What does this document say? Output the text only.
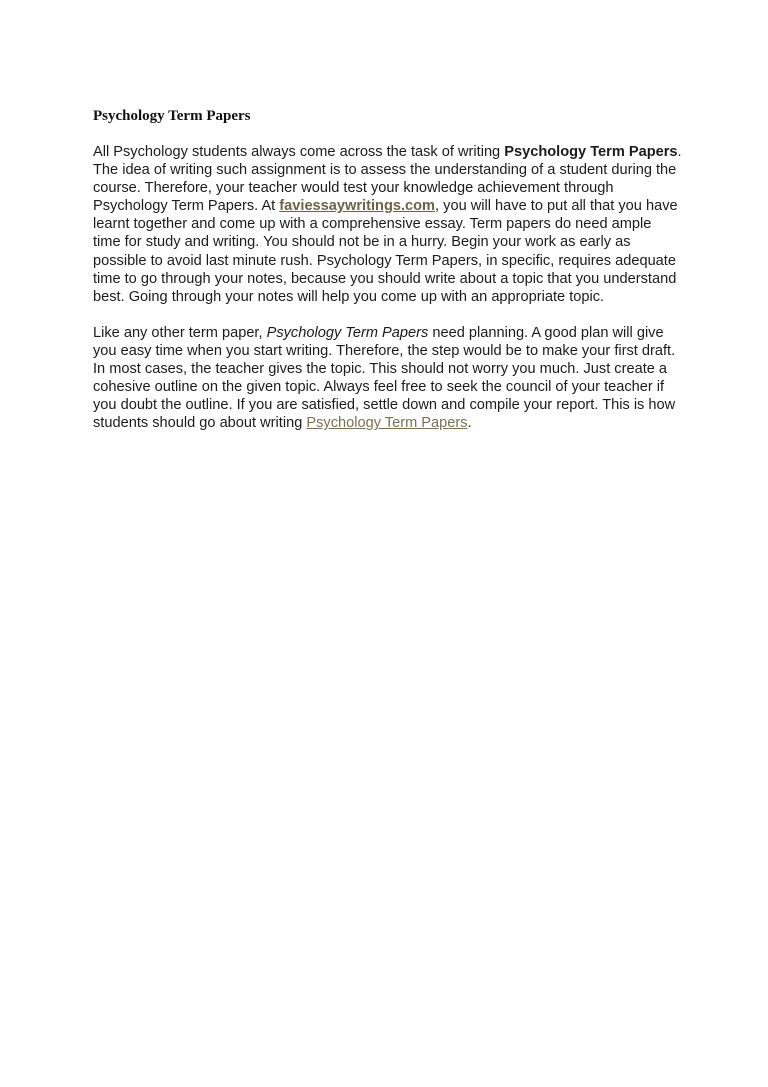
Psychology Term Papers

All Psychology students always come across the task of writing Psychology Term Papers. The idea of writing such assignment is to assess the understanding of a student during the course. Therefore, your teacher would test your knowledge achievement through Psychology Term Papers. At faviessaywritings.com, you will have to put all that you have learnt together and come up with a comprehensive essay. Term papers do need ample time for study and writing. You should not be in a hurry. Begin your work as early as possible to avoid last minute rush. Psychology Term Papers, in specific, requires adequate time to go through your notes, because you should write about a topic that you understand best. Going through your notes will help you come up with an appropriate topic.

Like any other term paper, Psychology Term Papers need planning. A good plan will give you easy time when you start writing. Therefore, the step would be to make your first draft. In most cases, the teacher gives the topic. This should not worry you much. Just create a cohesive outline on the given topic. Always feel free to seek the council of your teacher if you doubt the outline. If you are satisfied, settle down and compile your report. This is how students should go about writing Psychology Term Papers.
